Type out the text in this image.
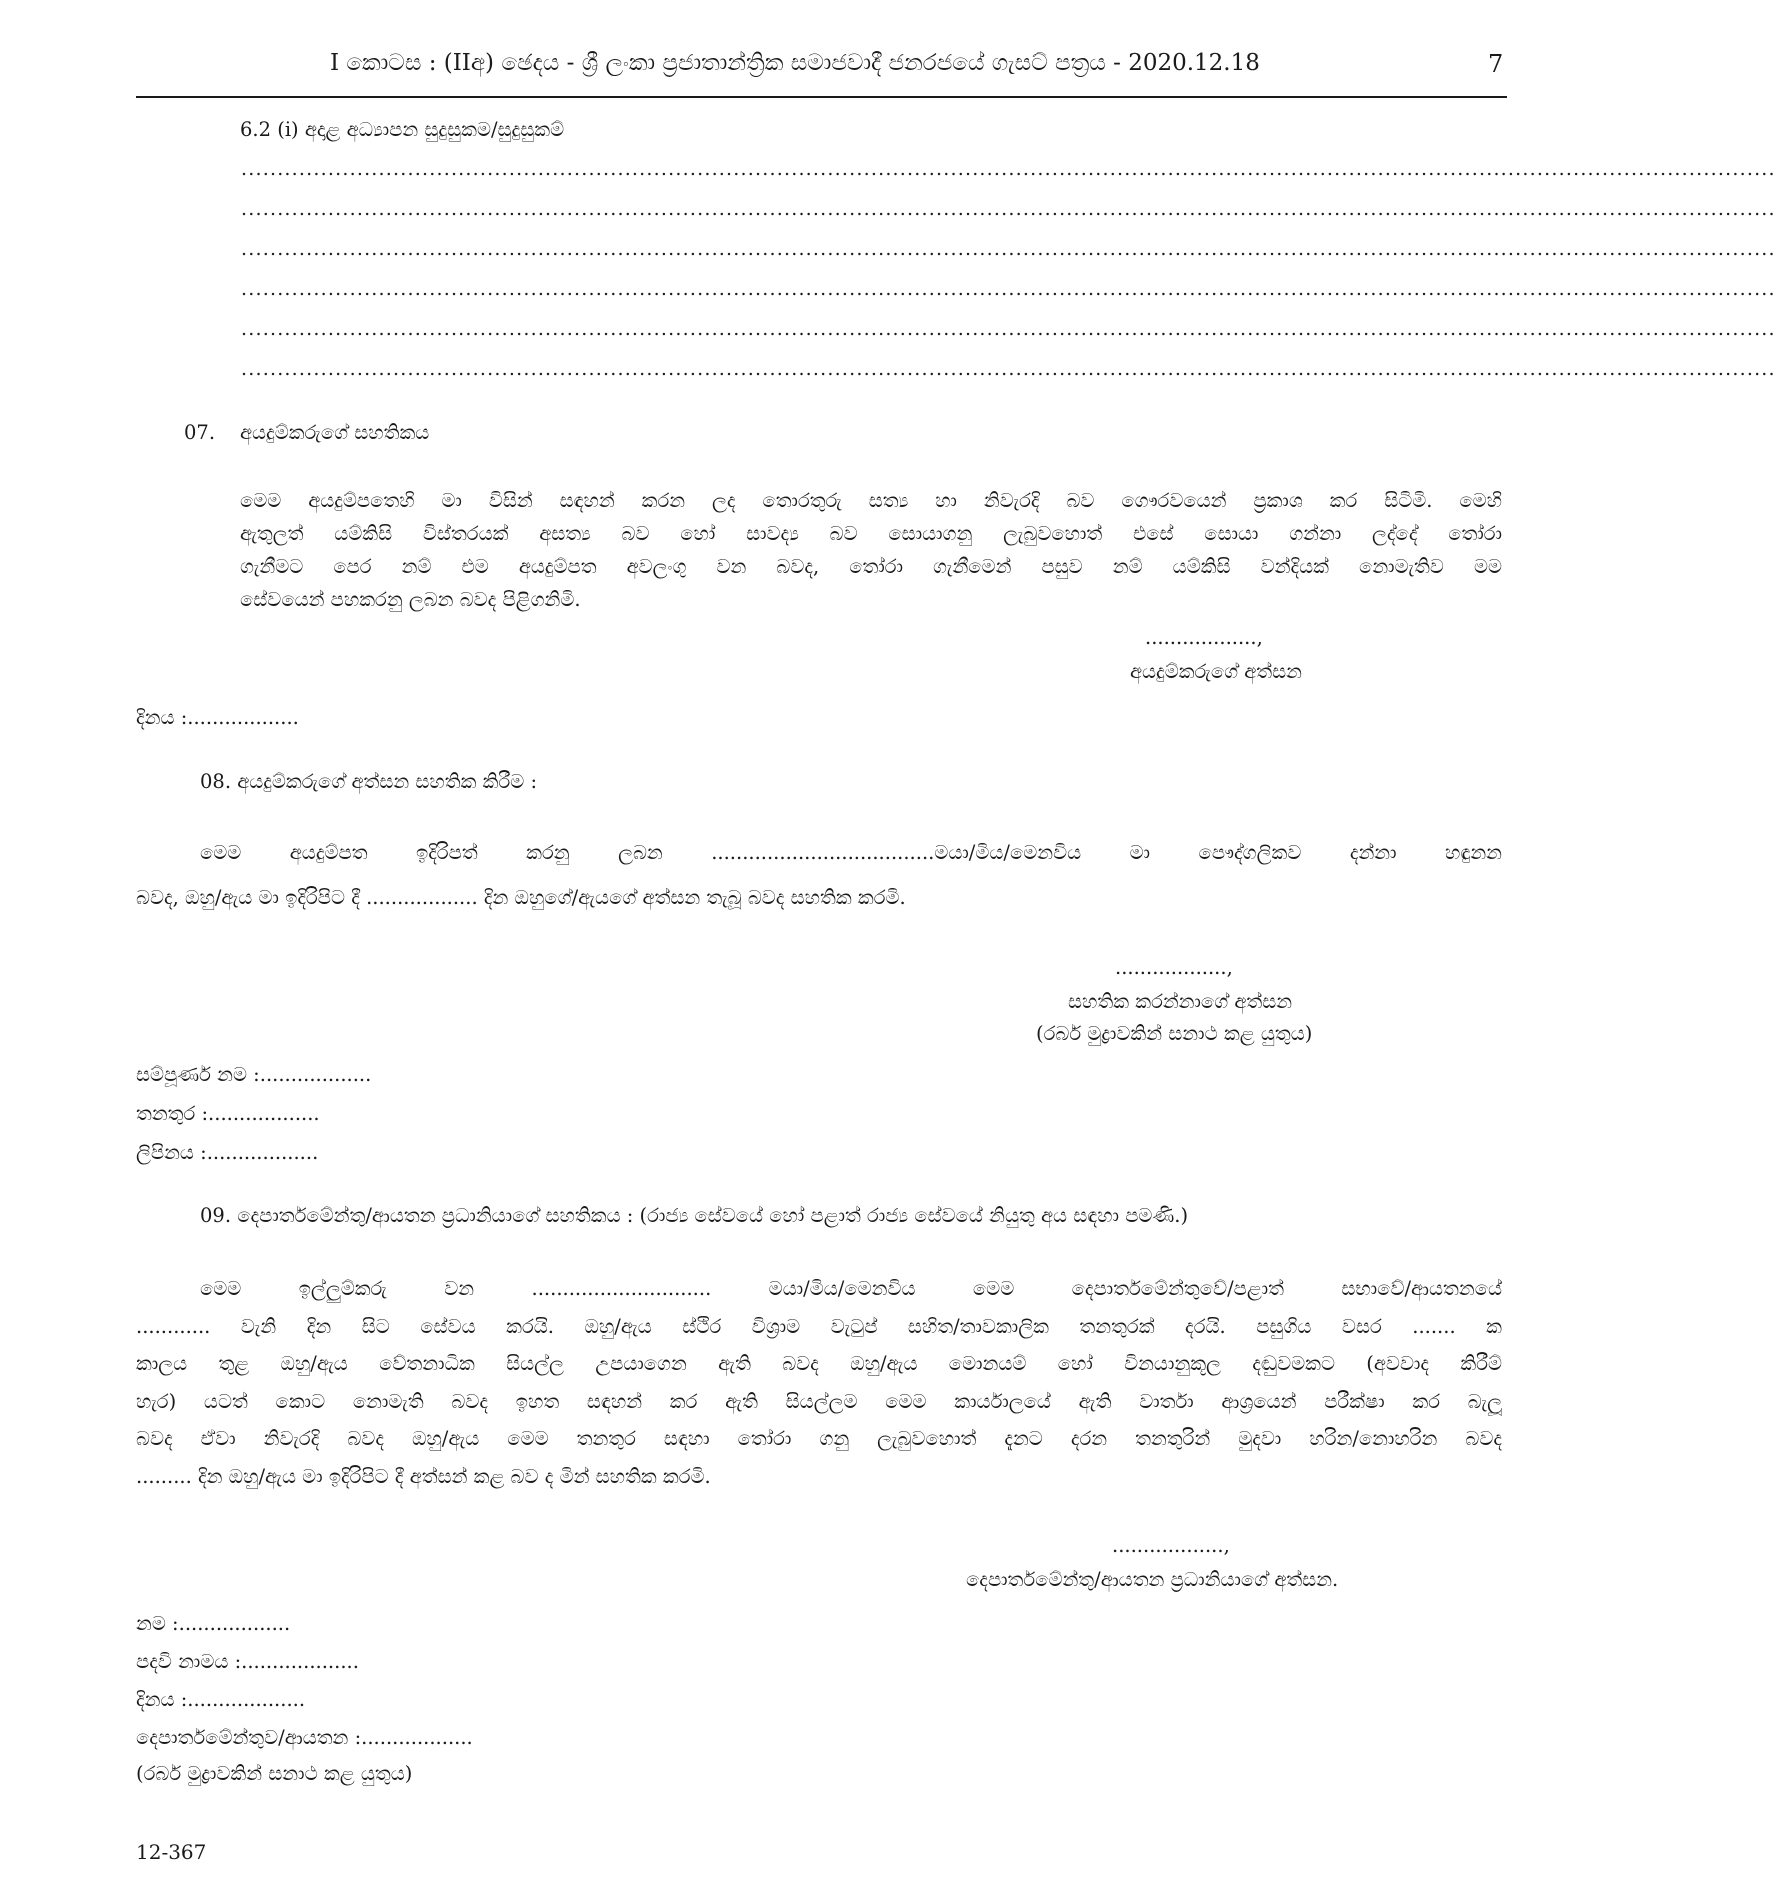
I කොටස : (IIඅ) ඡෙදය - ශ්‍රී ලංකා ප්‍රජාතාන්ත්‍රික සමාජවාදී ජනරජයේ ගැසට් පත්‍රය - 2020.12.18	7
6.2 (i) අදාළ අධ්‍යාපන සුදුසුකම/සුදුසුකම්
....................................................................................................................................................................................................................
....................................................................................................................................................................................................................
....................................................................................................................................................................................................................
....................................................................................................................................................................................................................
....................................................................................................................................................................................................................
....................................................................................................................................................................................................................
07. අයදුම්කරුගේ සහතිකය
මෙම අයදුම්පතෙහි මා විසින් සඳහන් කරන ලද තොරතුරු සත්‍ය හා නිවැරදි බව ගෞරවයෙන් ප්‍රකාශ කර සිටිමි. මෙහි
ඇතුලත් යම්කිසි විස්තරයක් අසත්‍ය බව හෝ සාවද්‍ය බව සොයාගනු ලැබුවහොත් එසේ සොයා ගන්නා ලද්දේ තෝරා
ගැනීමට පෙර නම් එම අයදුම්පත අවලංගු වන බවද, තෝරා ගැනීමෙන් පසුව නම් යම්කිසි වන්දියක් නොමැතිව මම
සේවයෙන් පහකරනු ලබන බවද පිළිගනිමි.
..................,
අයදුම්කරුගේ අත්සන
දිනය :..................
08. අයදුම්කරුගේ අත්සන සහතික කිරීම :
මෙම අයදුම්පත ඉදිරිපත් කරනු ලබන ....................................මයා/මිය/මෙනවිය මා පෞද්ගලිකව දන්නා හඳුනන
බවද, ඔහු/ඇය මා ඉදිරිපිට දී .................. දින ඔහුගේ/ඇයගේ අත්සන තැබූ බවද සහතික කරමි.
..................,
සහතික කරන්නාගේ අත්සන
(රබර් මුද්‍රාවකින් සනාථ කළ යුතුය)
සම්පූර්ණ නම :..................
තනතුර :..................
ලිපිනය :..................
09. දෙපාර්තමේන්තු/ආයතන ප්‍රධානියාගේ සහතිකය : (රාජ්‍ය සේවයේ හෝ පළාත් රාජ්‍ය සේවයේ නියුතු අය සඳහා පමණි.)
මෙම ඉල්ලුම්කරු වන ............................. මයා/මිය/මෙනවිය මෙම දෙපාර්තමේන්තුවේ/පළාත් සභාවේ/ආයතනයේ
............ වැනි දින සිට සේවය කරයි. ඔහු/ඇය ස්ථිර විශ්‍රාම වැටුප් සහිත/තාවකාලික තනතුරක් දරයි. පසුගිය වසර ....... ක
කාලය තුළ ඔහු/ඇය වේතනාධික සියල්ල උපයාගෙන ඇති බවද ඔහු/ඇය මොනයම් හෝ විනයානුකූල දඬුවමකට (අවවාද කිරීම්
හැර) යටත් කොට නොමැති බවද ඉහත සඳහන් කර ඇති සියල්ලම මෙම කාර්යාලයේ ඇති වාර්තා ආශ්‍රයෙන් පරීක්ෂා කර බැලූ
බවද ඒවා නිවැරදි බවද ඔහු/ඇය මෙම තනතුර සඳහා තෝරා ගනු ලැබුවහොත් දැනට දරන තනතුරින් මුදවා හරින/නොහරින බවද
......... දින ඔහු/ඇය මා ඉදිරිපිට දී අත්සන් කළ බව ද මින් සහතික කරමි.
..................,
දෙපාර්තමේන්තු/ආයතන ප්‍රධානියාගේ අත්සන.
නම :..................
පදවි නාමය :...................
දිනය :...................
දෙපාර්තමේන්තුව/ආයතන :..................
(රබර් මුද්‍රාවකින් සනාථ කළ යුතුය)
12-367
